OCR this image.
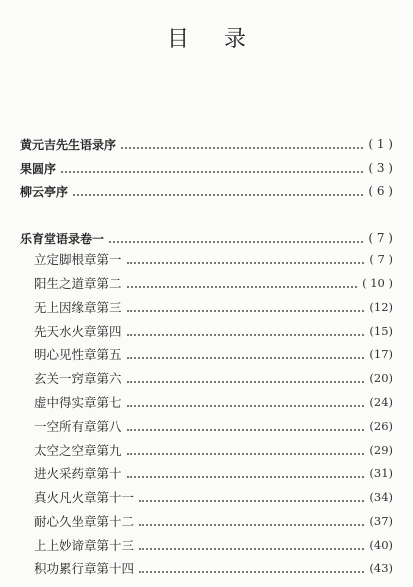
目 录
黄元吉先生语录序	( 1 )
果圆序	( 3 )
柳云亭序	( 6 )
乐育堂语录卷一	( 7 )
立定脚根章第一	( 7 )
阳生之道章第二	( 10 )
无上因缘章第三	(12)
先天水火章第四	(15)
明心见性章第五	(17)
玄关一窍章第六	(20)
虚中得实章第七	(24)
一空所有章第八	(26)
太空之空章第九	(29)
进火采药章第十	(31)
真火凡火章第十一	(34)
耐心久坐章第十二	(37)
上上妙谛章第十三	(40)
积功累行章第十四	(43)
